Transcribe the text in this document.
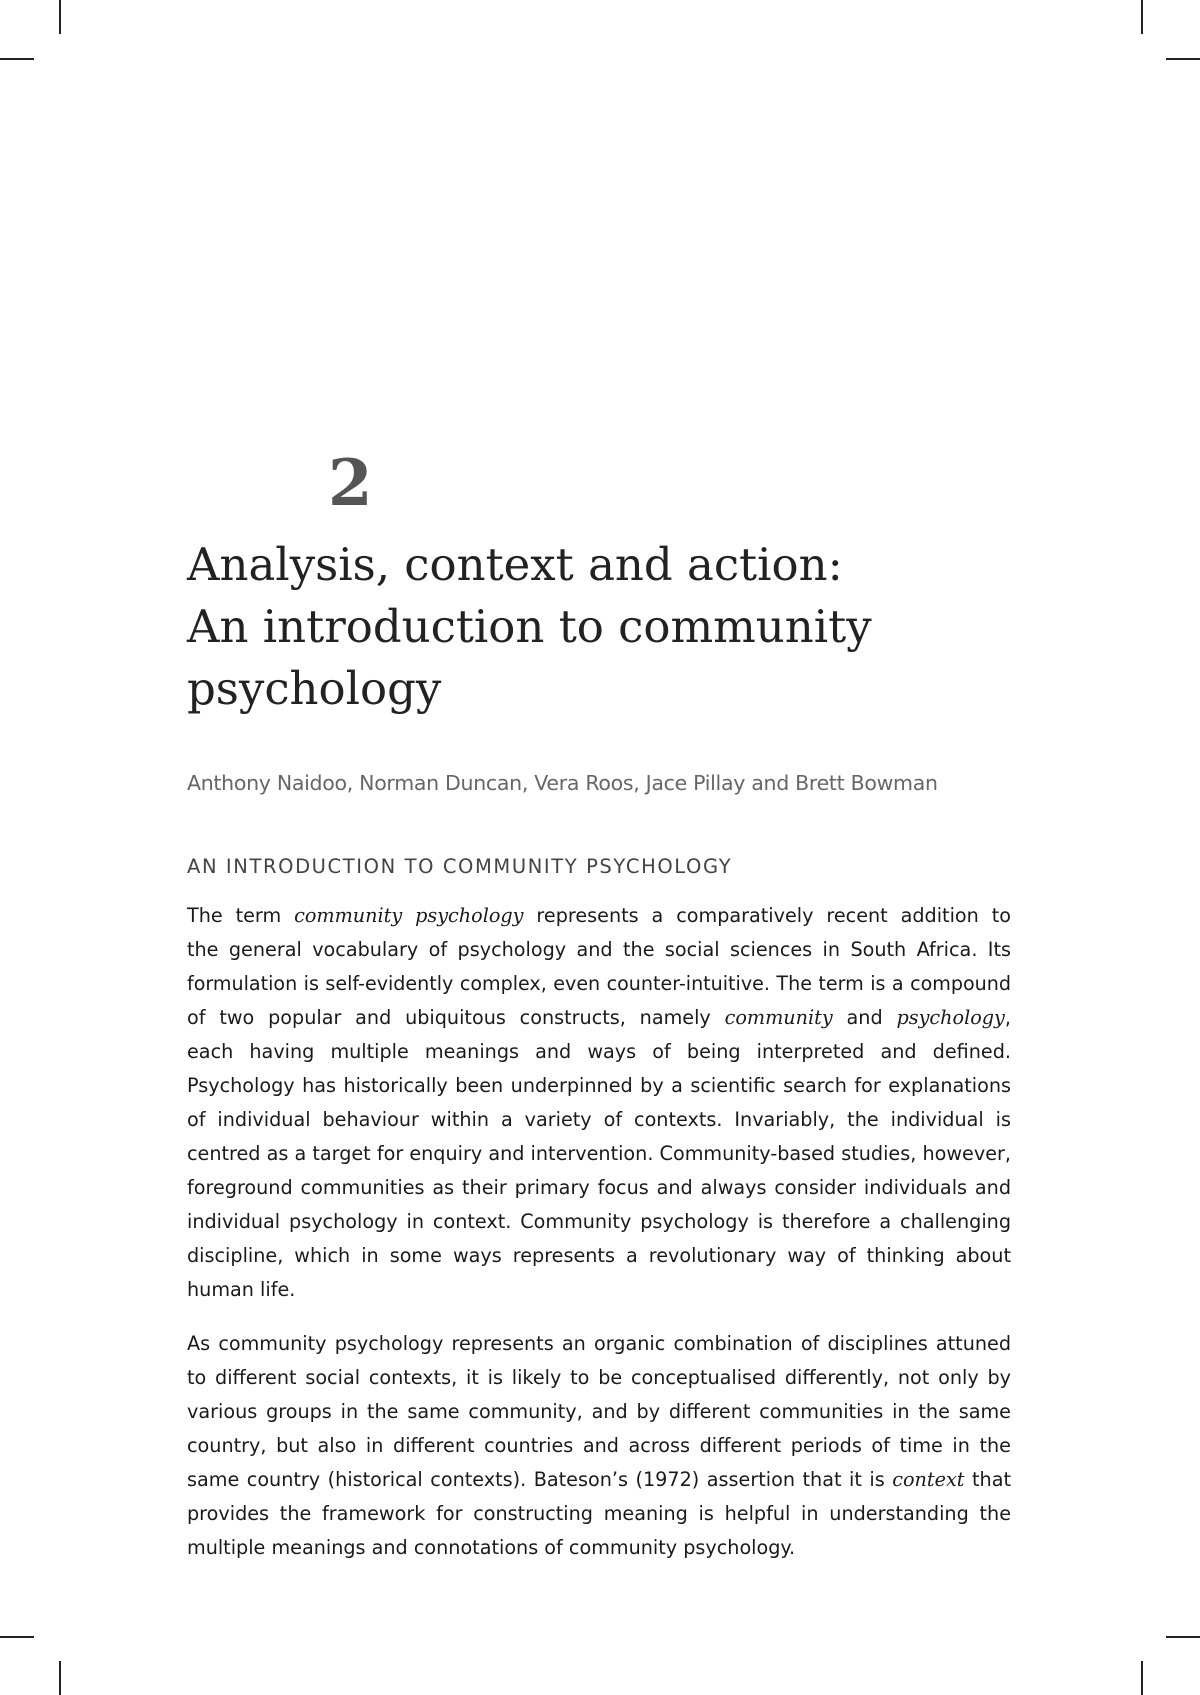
2
Analysis, context and action:
An introduction to community
psychology
Anthony Naidoo, Norman Duncan, Vera Roos, Jace Pillay and Brett Bowman
AN INTRODUCTION TO COMMUNITY PSYCHOLOGY

The term community psychology represents a comparatively recent addition to
the general vocabulary of psychology and the social sciences in South Africa. Its
formulation is self-evidently complex, even counter-intuitive. The term is a compound
of two popular and ubiquitous constructs, namely community and psychology,
each having multiple meanings and ways of being interpreted and defined.
Psychology has historically been underpinned by a scientific search for explanations
of individual behaviour within a variety of contexts. Invariably, the individual is
centred as a target for enquiry and intervention. Community-based studies, however,
foreground communities as their primary focus and always consider individuals and
individual psychology in context. Community psychology is therefore a challenging
discipline, which in some ways represents a revolutionary way of thinking about
human life.

As community psychology represents an organic combination of disciplines attuned
to different social contexts, it is likely to be conceptualised differently, not only by
various groups in the same community, and by different communities in the same
country, but also in different countries and across different periods of time in the
same country (historical contexts). Bateson’s (1972) assertion that it is context that
provides the framework for constructing meaning is helpful in understanding the
multiple meanings and connotations of community psychology.
